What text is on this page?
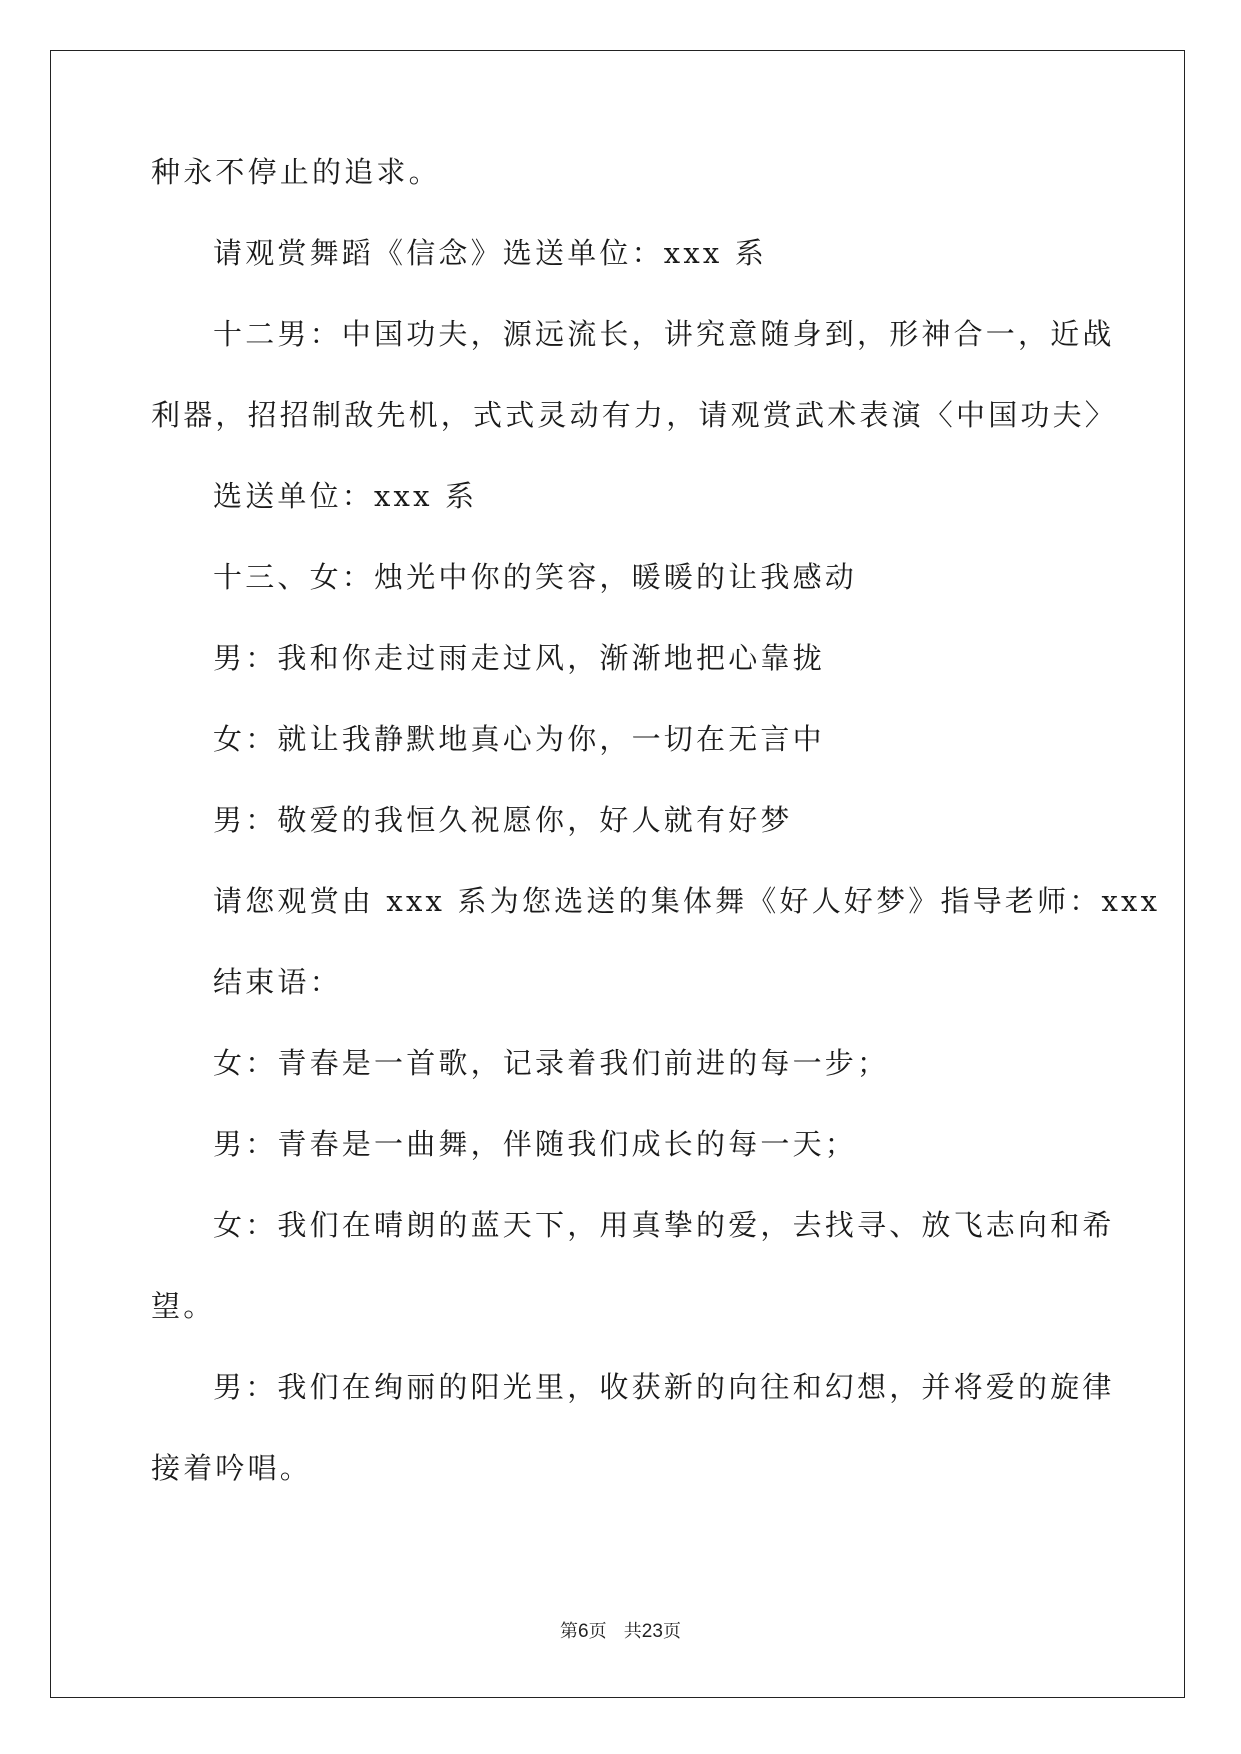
种永不停止的追求。
请观赏舞蹈《信念》选送单位：xxx 系
十二男：中国功夫，源远流长，讲究意随身到，形神合一，近战
利器，招招制敌先机，式式灵动有力，请观赏武术表演〈中国功夫〉
选送单位：xxx 系
十三、女：烛光中你的笑容，暖暖的让我感动
男：我和你走过雨走过风，渐渐地把心靠拢
女：就让我静默地真心为你，一切在无言中
男：敬爱的我恒久祝愿你，好人就有好梦
请您观赏由 xxx 系为您选送的集体舞《好人好梦》指导老师：xxx
结束语：
女：青春是一首歌，记录着我们前进的每一步；
男：青春是一曲舞，伴随我们成长的每一天；
女：我们在晴朗的蓝天下，用真挚的爱，去找寻、放飞志向和希
望。
男：我们在绚丽的阳光里，收获新的向往和幻想，并将爱的旋律
接着吟唱。
第6页 共23页
